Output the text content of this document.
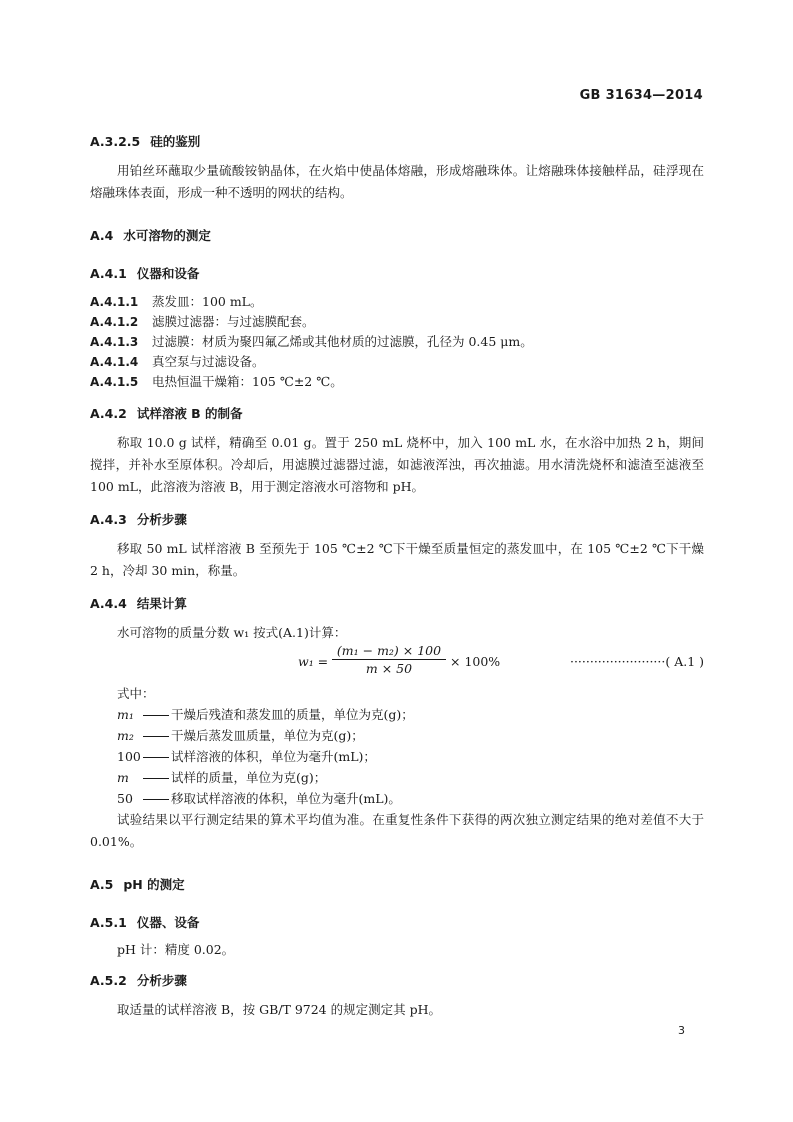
GB 31634—2014
A.3.2.5 硅的鉴别

用铂丝环蘸取少量硫酸铵钠晶体，在火焰中使晶体熔融，形成熔融珠体。让熔融珠体接触样品，硅浮现在熔融珠体表面，形成一种不透明的网状的结构。

A.4 水可溶物的测定
A.4.1 仪器和设备
A.4.1.1 蒸发皿：100 mL。
A.4.1.2 滤膜过滤器：与过滤膜配套。
A.4.1.3 过滤膜：材质为聚四氟乙烯或其他材质的过滤膜，孔径为 0.45 μm。
A.4.1.4 真空泵与过滤设备。
A.4.1.5 电热恒温干燥箱：105 ℃±2 ℃。
A.4.2 试样溶液 B 的制备

称取 10.0 g 试样，精确至 0.01 g。置于 250 mL 烧杯中，加入 100 mL 水，在水浴中加热 2 h，期间搅拌，并补水至原体积。冷却后，用滤膜过滤器过滤，如滤液浑浊，再次抽滤。用水清洗烧杯和滤渣至滤液至 100 mL，此溶液为溶液 B，用于测定溶液水可溶物和 pH。

A.4.3 分析步骤

移取 50 mL 试样溶液 B 至预先于 105 ℃±2 ℃下干燥至质量恒定的蒸发皿中，在 105 ℃±2 ℃下干燥 2 h，冷却 30 min，称量。

A.4.4 结果计算
水可溶物的质量分数 w₁ 按式(A.1)计算：
$w_1 = \frac{\text{(m₁ − m₂) × 100}}{m \times 50} \times 100\%$	························( A.1 )
式中：
m₁	干燥后残渣和蒸发皿的质量，单位为克(g)；
m₂	干燥后蒸发皿质量，单位为克(g)；
100 试样溶液的体积，单位为毫升(mL)；
m	试样的质量，单位为克(g)；
50	移取试样溶液的体积，单位为毫升(mL)。

试验结果以平行测定结果的算术平均值为准。在重复性条件下获得的两次独立测定结果的绝对差值不大于 0.01%。

A.5 pH 的测定
A.5.1 仪器、设备

pH 计：精度 0.02。

A.5.2 分析步骤

取适量的试样溶液 B，按 GB/T 9724 的规定测定其 pH。

3
